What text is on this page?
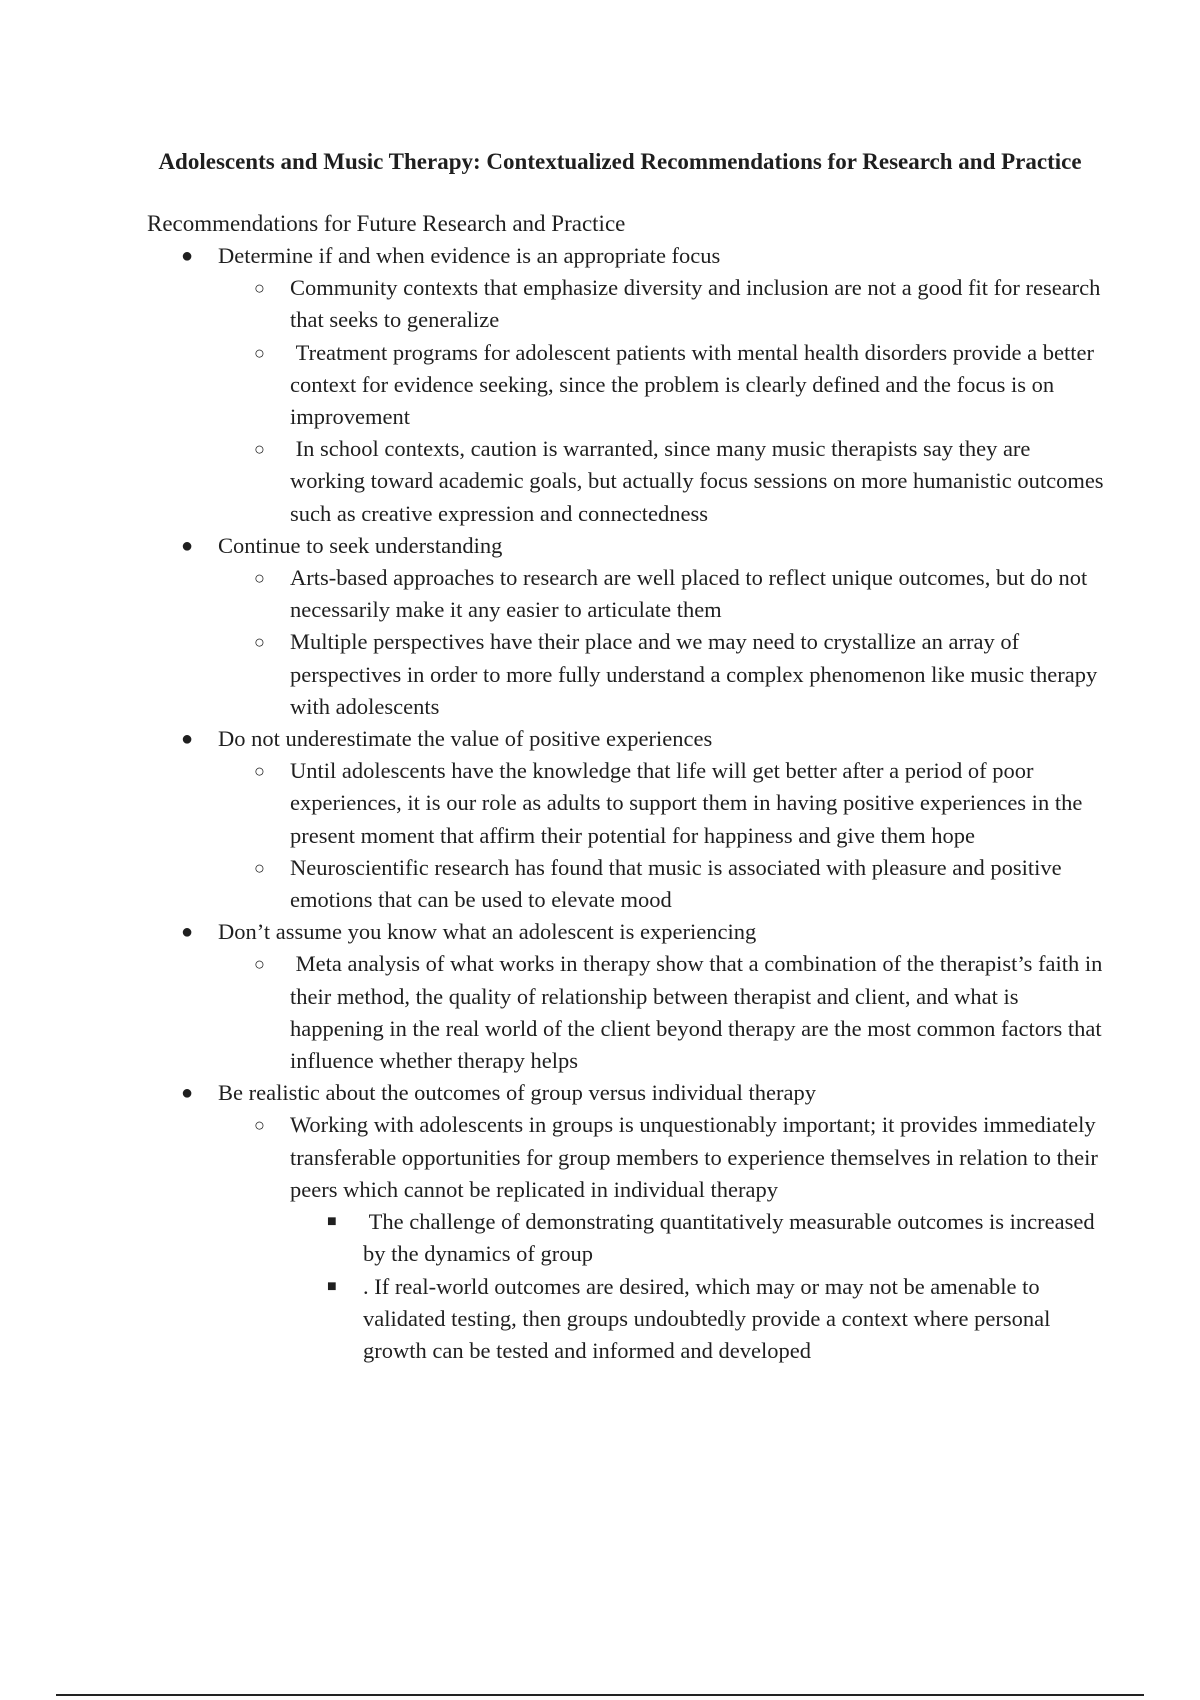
Adolescents and Music Therapy: Contextualized Recommendations for Research and Practice

Recommendations for Future Research and Practice

● Determine if and when evidence is an appropriate focus
○ Community contexts that emphasize diversity and inclusion are not a good fit for research that seeks to generalize
○ Treatment programs for adolescent patients with mental health disorders provide a better context for evidence seeking, since the problem is clearly defined and the focus is on improvement
○ In school contexts, caution is warranted, since many music therapists say they are working toward academic goals, but actually focus sessions on more humanistic outcomes such as creative expression and connectedness
● Continue to seek understanding
○ Arts-based approaches to research are well placed to reflect unique outcomes, but do not necessarily make it any easier to articulate them
○ Multiple perspectives have their place and we may need to crystallize an array of perspectives in order to more fully understand a complex phenomenon like music therapy with adolescents
● Do not underestimate the value of positive experiences
○ Until adolescents have the knowledge that life will get better after a period of poor experiences, it is our role as adults to support them in having positive experiences in the present moment that affirm their potential for happiness and give them hope
○ Neuroscientific research has found that music is associated with pleasure and positive emotions that can be used to elevate mood
● Don’t assume you know what an adolescent is experiencing
○ Meta analysis of what works in therapy show that a combination of the therapist’s faith in their method, the quality of relationship between therapist and client, and what is happening in the real world of the client beyond therapy are the most common factors that influence whether therapy helps
● Be realistic about the outcomes of group versus individual therapy
○ Working with adolescents in groups is unquestionably important; it provides immediately transferable opportunities for group members to experience themselves in relation to their peers which cannot be replicated in individual therapy
■ The challenge of demonstrating quantitatively measurable outcomes is increased by the dynamics of group
■ . If real-world outcomes are desired, which may or may not be amenable to validated testing, then groups undoubtedly provide a context where personal growth can be tested and informed and developed
